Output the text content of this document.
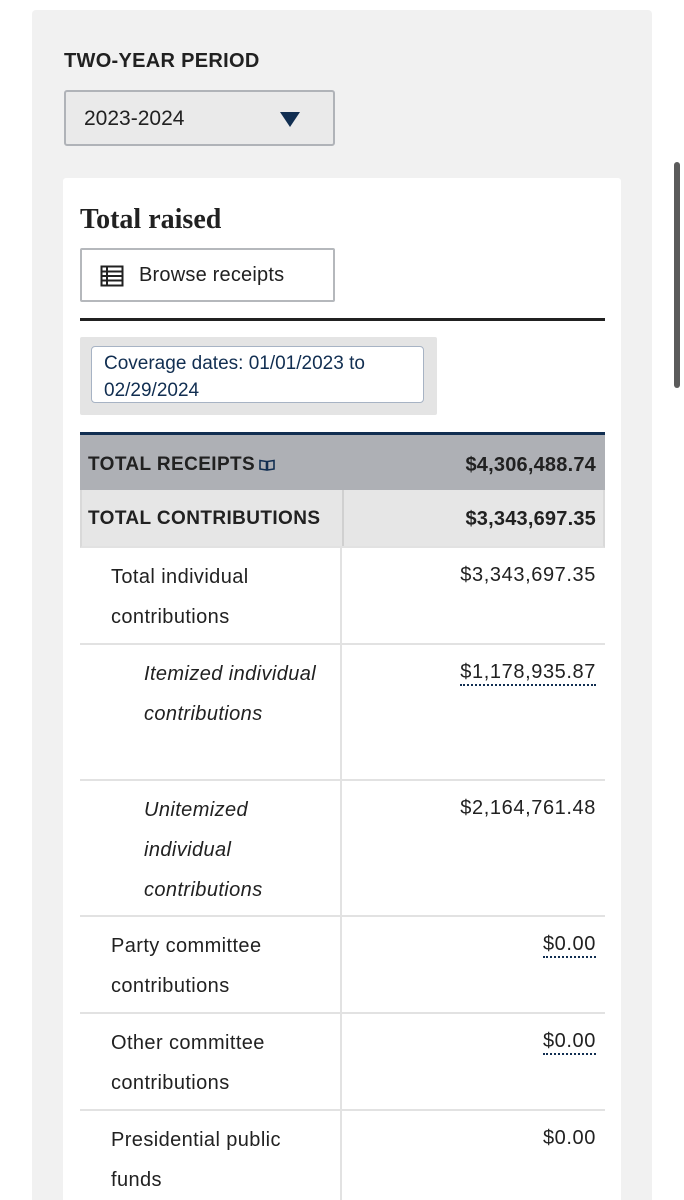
TWO-YEAR PERIOD
2023-2024
Total raised
Browse receipts
Coverage dates: 01/01/2023 to 02/29/2024
TOTAL RECEIPTS	$4,306,488.74
TOTAL CONTRIBUTIONS	$3,343,697.35
Total individual contributions
$3,343,697.35
Itemized individual contributions
$1,178,935.87
Unitemized individual contributions
$2,164,761.48
Party committee contributions
$0.00
Other committee contributions
$0.00
Presidential public funds
$0.00
